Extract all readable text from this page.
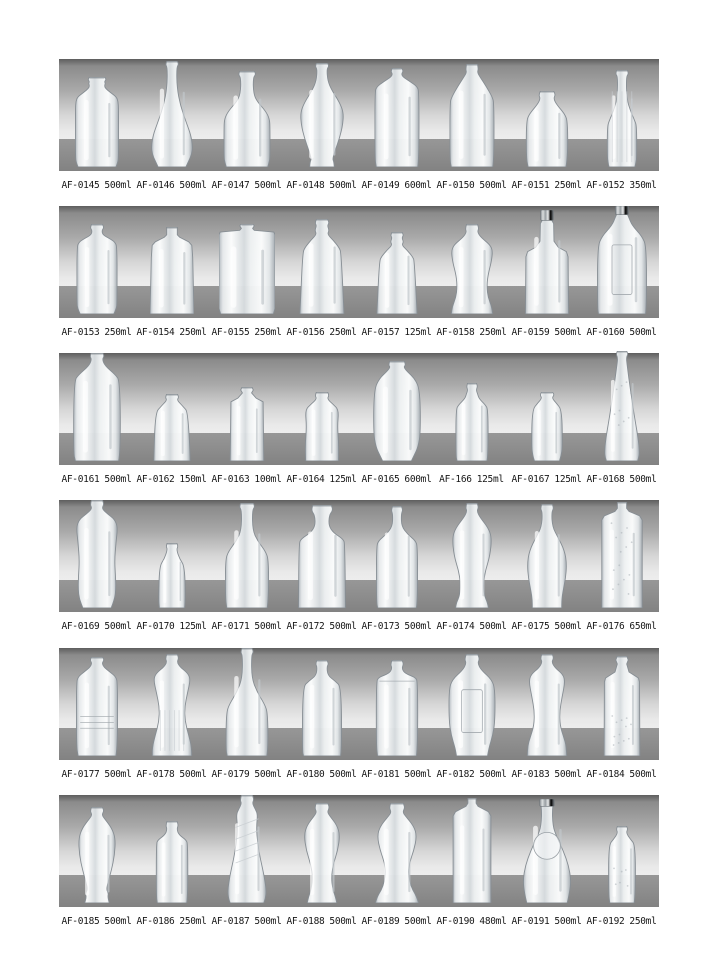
AF-0145 500ml AF-0146 500ml AF-0147 500ml AF-0148 500ml AF-0149 600ml AF-0150 500ml AF-0151 250ml AF-0152 350ml
AF-0153 250ml AF-0154 250ml AF-0155 250ml AF-0156 250ml AF-0157 125ml AF-0158 250ml AF-0159 500ml AF-0160 500ml
AF-0161 500ml AF-0162 150ml AF-0163 100ml AF-0164 125ml AF-0165 600ml AF-166 125ml AF-0167 125ml AF-0168 500ml
AF-0169 500ml AF-0170 125ml AF-0171 500ml AF-0172 500ml AF-0173 500ml AF-0174 500ml AF-0175 500ml AF-0176 650ml
AF-0177 500ml AF-0178 500ml AF-0179 500ml AF-0180 500ml AF-0181 500ml AF-0182 500ml AF-0183 500ml AF-0184 500ml
AF-0185 500ml AF-0186 250ml AF-0187 500ml AF-0188 500ml AF-0189 500ml AF-0190 480ml AF-0191 500ml AF-0192 250ml
